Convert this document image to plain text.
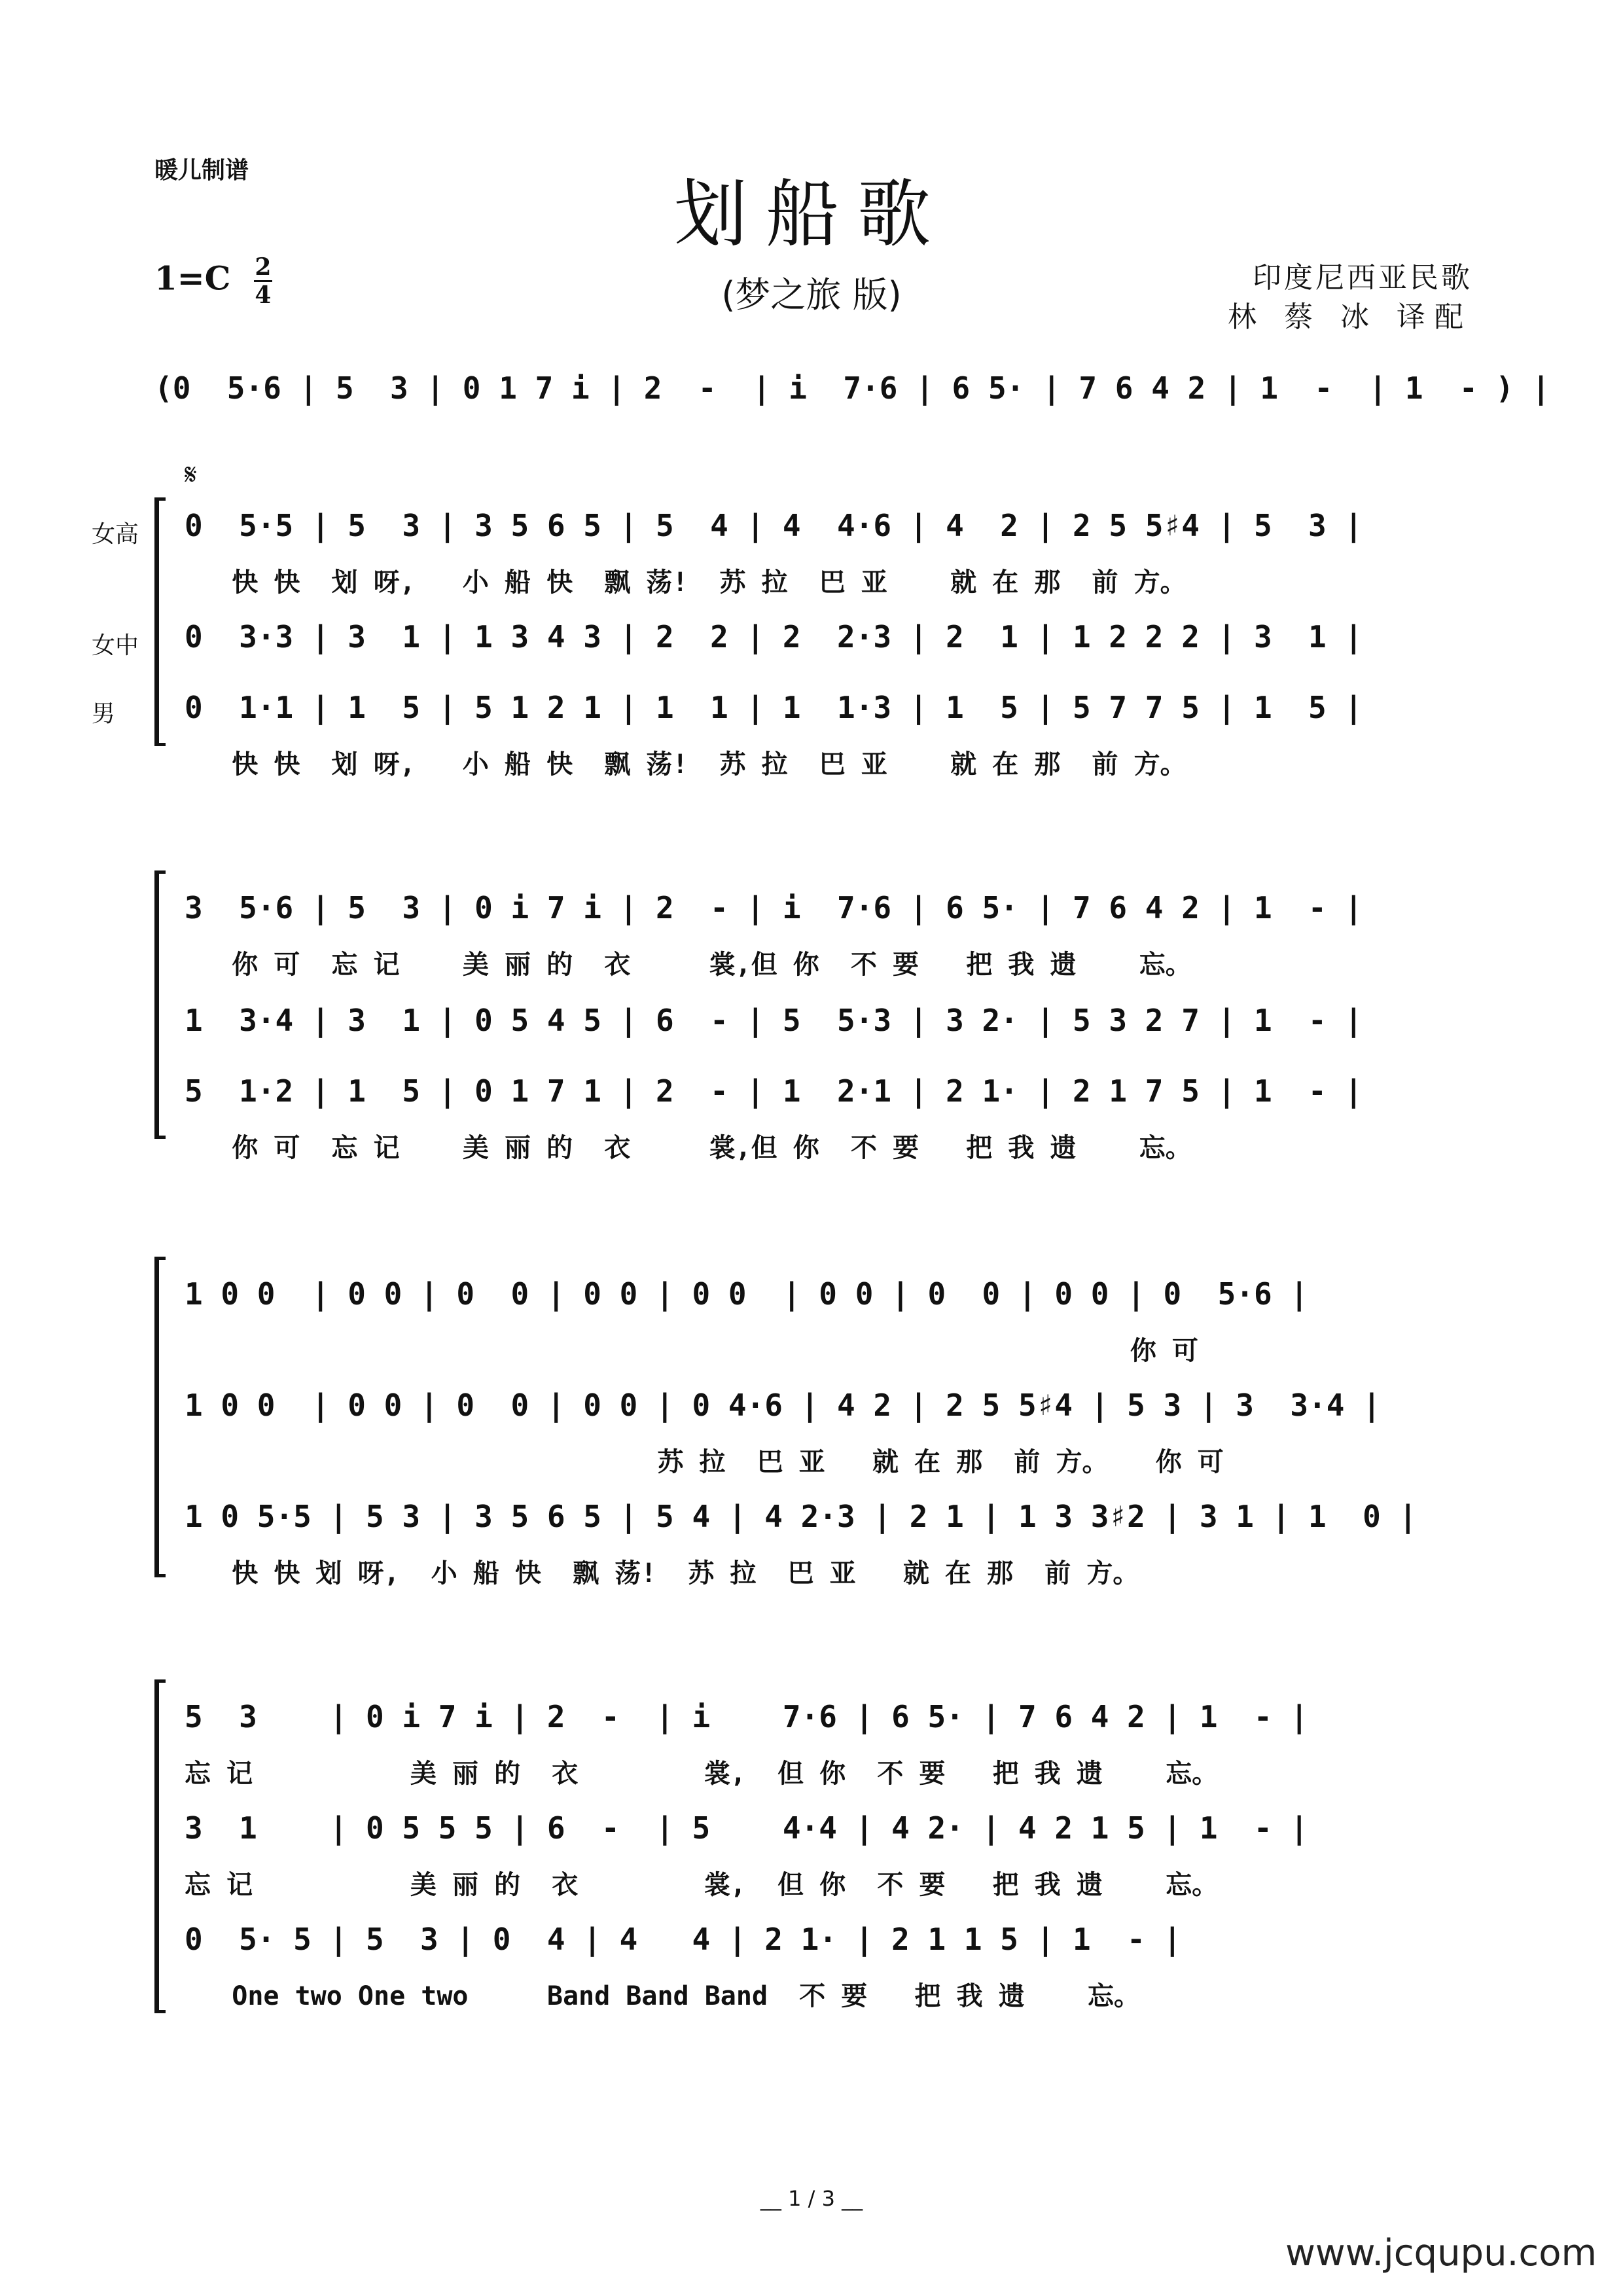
暖儿制谱
划船歌
(梦之旅 版)
$1=C \frac{2}{4}$	印度尼西亚民歌
林 蔡 冰 译配
(0  5·6 | 5  3 | 0 1 7 i | 2  -  | i  7·6 | 6 5· | 7 6 4 2 | 1  -  | 1  - ) |
𝄋
女高
女中
男
0  5·5 | 5  3 | 3 5 6 5 | 5  4 | 4  4·6 | 4  2 | 2 5 5♯4 | 5  3 |
快 快  划 呀,   小 船 快  飘 荡!  苏 拉  巴 亚    就 在 那  前 方。
0  3·3 | 3  1 | 1 3 4 3 | 2  2 | 2  2·3 | 2  1 | 1 2 2 2 | 3  1 |
0  1·1 | 1  5 | 5 1 2 1 | 1  1 | 1  1·3 | 1  5 | 5 7 7 5 | 1  5 |
快 快  划 呀,   小 船 快  飘 荡!  苏 拉  巴 亚    就 在 那  前 方。
3  5·6 | 5  3 | 0 i 7 i | 2  - | i  7·6 | 6 5· | 7 6 4 2 | 1  - |
你 可  忘 记    美 丽 的  衣     裳,但 你  不 要   把 我 遗    忘。
1  3·4 | 3  1 | 0 5 4 5 | 6  - | 5  5·3 | 3 2· | 5 3 2 7 | 1  - |
5  1·2 | 1  5 | 0 1 7 1 | 2  - | 1  2·1 | 2 1· | 2 1 7 5 | 1  - |
你 可  忘 记    美 丽 的  衣     裳,但 你  不 要   把 我 遗    忘。
1 0 0  | 0 0 | 0  0 | 0 0 | 0 0  | 0 0 | 0  0 | 0 0 | 0  5·6 |
你 可
1 0 0  | 0 0 | 0  0 | 0 0 | 0 4·6 | 4 2 | 2 5 5♯4 | 5 3 | 3  3·4 |
苏 拉  巴 亚   就 在 那  前 方。   你 可
1 0 5·5 | 5 3 | 3 5 6 5 | 5 4 | 4 2·3 | 2 1 | 1 3 3♯2 | 3 1 | 1  0 |
快 快 划 呀,  小 船 快  飘 荡!  苏 拉  巴 亚   就 在 那  前 方。
5  3    | 0 i 7 i | 2  -  | i    7·6 | 6 5· | 7 6 4 2 | 1  - |
忘 记          美 丽 的  衣        裳,  但 你  不 要   把 我 遗    忘。
3  1    | 0 5 5 5 | 6  -  | 5    4·4 | 4 2· | 4 2 1 5 | 1  - |
忘 记          美 丽 的  衣        裳,  但 你  不 要   把 我 遗    忘。
0  5· 5 | 5  3 | 0  4 | 4   4 | 2 1· | 2 1 1 5 | 1  - |
One two One two     Band Band Band  不 要   把 我 遗    忘。
__ 1 / 3 __
www.jcqupu.com
